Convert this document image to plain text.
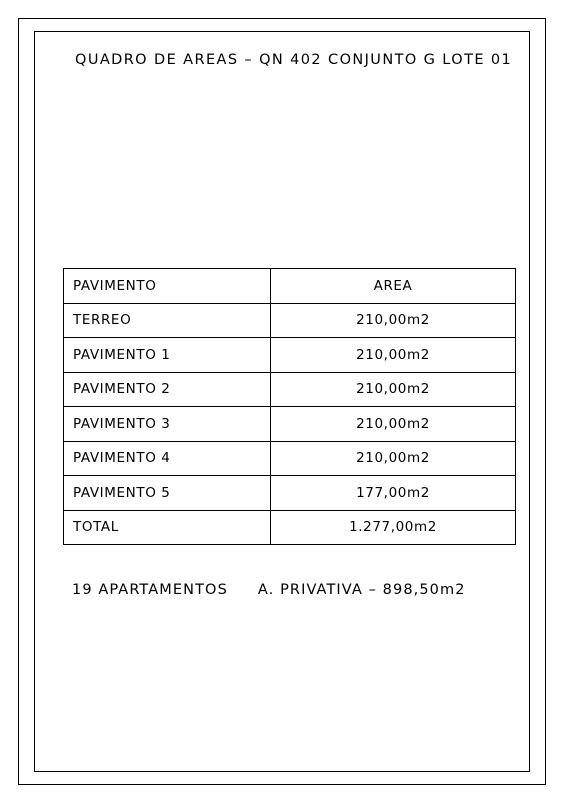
QUADRO DE AREAS – QN 402 CONJUNTO G LOTE 01
PAVIMENTO	AREA
TERREO	210,00m2
PAVIMENTO 1	210,00m2
PAVIMENTO 2	210,00m2
PAVIMENTO 3	210,00m2
PAVIMENTO 4	210,00m2
PAVIMENTO 5	177,00m2
TOTAL	1.277,00m2
19 APARTAMENTOS A. PRIVATIVA – 898,50m2
